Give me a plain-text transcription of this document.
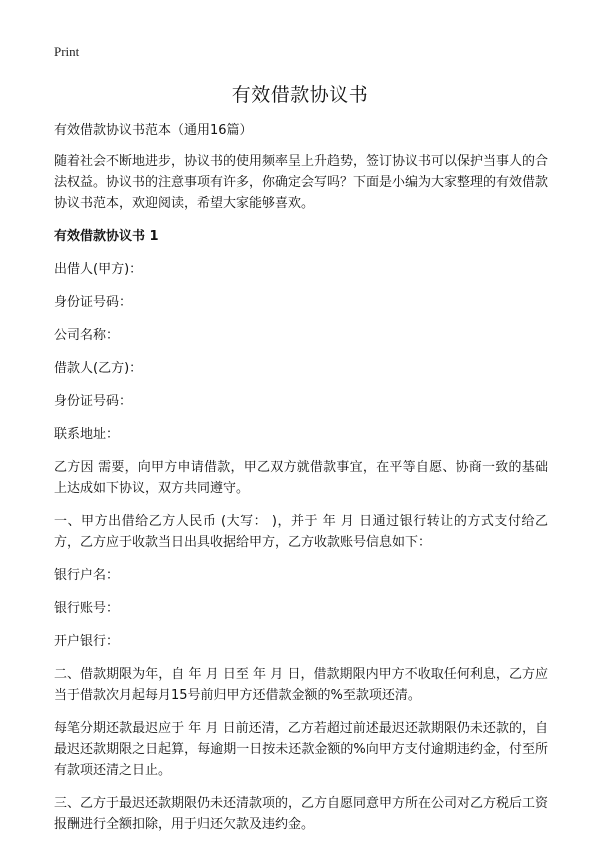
Print
有效借款协议书

有效借款协议书范本（通用16篇）

随着社会不断地进步，协议书的使用频率呈上升趋势，签订协议书可以保护当事人的合法权益。协议书的注意事项有许多，你确定会写吗？下面是小编为大家整理的有效借款协议书范本，欢迎阅读，希望大家能够喜欢。

有效借款协议书 1

出借人(甲方)：

身份证号码：

公司名称：

借款人(乙方)：

身份证号码：

联系地址：

乙方因 需要，向甲方申请借款，甲乙双方就借款事宜，在平等自愿、协商一致的基础上达成如下协议，双方共同遵守。

一、甲方出借给乙方人民币 (大写： )，并于 年 月 日通过银行转让的方式支付给乙方，乙方应于收款当日出具收据给甲方，乙方收款账号信息如下：

银行户名：

银行账号：

开户银行：

二、借款期限为年，自 年 月 日至 年 月 日，借款期限内甲方不收取任何利息，乙方应当于借款次月起每月15号前归甲方还借款金额的%至款项还清。

每笔分期还款最迟应于 年 月 日前还清，乙方若超过前述最迟还款期限仍未还款的，自最迟还款期限之日起算，每逾期一日按未还款金额的%向甲方支付逾期违约金，付至所有款项还清之日止。

三、乙方于最迟还款期限仍未还清款项的，乙方自愿同意甲方所在公司对乙方税后工资报酬进行全额扣除，用于归还欠款及违约金。
